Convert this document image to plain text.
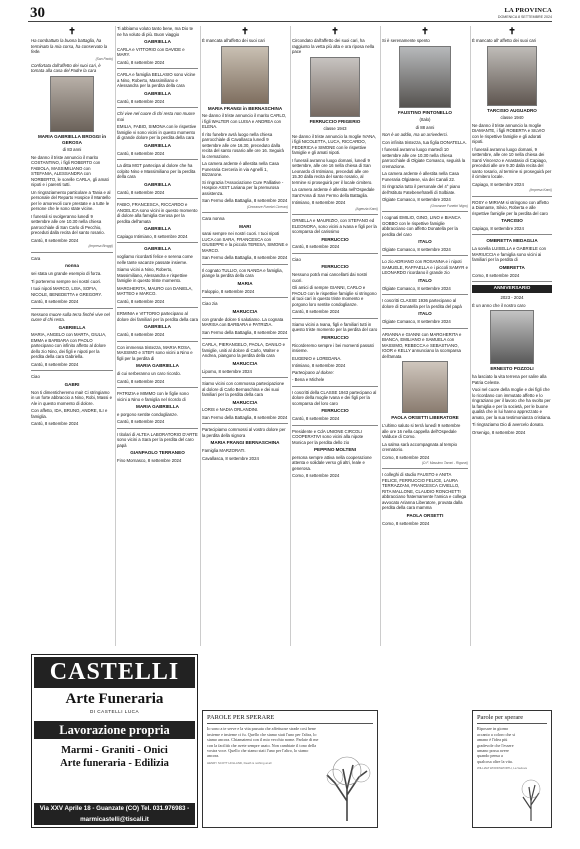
30	LA PROVINCA
DOMENICA 8 SETTEMBRE 2024
✝

Ha combattuto la buona battaglia, ha terminato la mia corsa, ha conservato la fede.

(San Paolo)

Confortata dall'affetto dei suoi cari, è tornata alla casa del Padre la cara

MARIA GABRIELLA BROGGI in GEROSA

di 83 anni

Ne danno il triste annuncio il marito COSTANTINO, i figli ROBERTO con FABIOLA, MASSIMILIANO con STEFANIA, ALESSANDRA con NORBERTO, le sorelle CARLA, gli amati nipoti e i parenti tutti.

Un ringraziamento particolare a Tania e al personale del Reparto Hospice il Mantello per le amorevoli cure prestate e a tutte le persone che le sono state vicine.

I funerali si svolgeranno lunedì 9 settembre alle ore 10.30 nella chiesa parrocchiale di San Carlo di Pecchio, preceduti dalla recita del santo rosario.

Cantù, 8 settembre 2024

(Impresa Broggi)

Cara

nonna

sei stata un grande esempio di forza.

Ti porteremo sempre nei nostri cuori.

I tuoi nipoti MARCO, LISA, SOFIA, NICOLE, BENEDETTA e GREGORY.

Cantù, 8 settembre 2024

Nessuno muore sulla terra finché vive nel cuore di chi resta.

GABRIELLA

MARIA, ANGELO con MARTA, GIULIA, EMMA e BARBARA con PAOLO partecipano con infinito affetto al dolore dello zio Nino, dei figli e nipoti per la perdita della cara Gabriella.

Cantù, 8 settembre 2024

Ciao

GABRI

Non ti dimenticheremo mai! Ci stringiamo in un forte abbraccio a Nino, Robi, Massi e Ale in questo momento di dolore.

Con affetto, IDA, BRUNO, ANDRE, ILI e famiglia.

Cantù, 8 settembre 2024

Ti abbiamo voluto tanto bene, ma Dio te ne ha voluto di più. Buon viaggio

GABRIELLA

CARLA e VITTORIO con DAVIDE e MARY.

Cantù, 8 settembre 2024

CARLA e famiglia BELLASIO sono vicine a Nino, Roberto, Massimiliano e Alessandra per la perdita della cara

GABRIELLA

Cantù, 8 settembre 2024

Chi vive nel cuore di chi resta non muore mai

EMILIA, FABIO, SIMONA con le rispettive famiglie vi sono vicini in questo momento di grande dolore per la perdita della cara

GABRIELLA

Cantù, 8 settembre 2024

La ditta MGT partecipa al dolore che ha colpito Nino e Massimiliano per la perdita della cara

GABRIELLA

Cantù, 8 settembre 2024

FABIO, FRANCESCA, RICCARDO e ANGELICA sono vicini in questo momento di dolore alla famiglia Gerosa per la perdita dell'amata

GABRIELLA

Capiago Intimiano, 8 settembre 2024

GABRIELLA

vogliamo ricordarti felice e serena come nelle tante vacanze passate insieme.

Siamo vicini a Nino, Roberto, Massimiliano, Alessandra e rispettive famiglie in questo triste momento.

MARGHERITA, MAURO con DANIELA, MATTEO e MARCO.

Cantù, 8 settembre 2024

ERMINIA e VITTORIO partecipano al dolore dei familiari per la perdita della cara

GABRIELLA

Cantù, 8 settembre 2024

Con immensa tristezza, MARIA ROSA, MASSIMO e STEFI sono vicini a Nino e figli per la perdita di

MARIA GABRIELLA

di cui serberanno un caro ricordo.

Cantù, 8 settembre 2024

PATRIZIA e MIMMO con le figlie sono vicini a Nino e famiglia nel ricordo di

MARIA GABRIELLA

e porgono sentite condoglianze.

Cantù, 8 settembre 2024

I titolari di ALTEA LABORATORIO D'ARTE sono vicini a Sara per la perdita del caro papà

GIANPAOLO TERRANEO

Fino Mornasco, 8 settembre 2024

✝

È mancata all'affetto dei suoi cari

MARIA FRANGI in BERNASCHINA

Ne danno il triste annuncio il marito CARLO, i figli WALTER con LUISA e ANDREA con ELENA.

Il rito funebre avrà luogo nella chiesa parrocchiale di Cavallasca lunedì 9 settembre alle ore 16.30, preceduto dalla recita del santo rosario alle ore 16. Seguirà la cremazione.

La camera ardente è allestita nella Casa Funeraria Cerceria in via Agnelli 1, Bizzarone.

Si ringrazia l'Associazione Cure Palliative - Hospice ASST Lariana per la premurosa assistenza.

San Fermo della Battaglia, 8 settembre 2024

(Onoranze Funebri Ciceran)

Cara nonna

MARI

sarai sempre nei nostri cuori. I tuoi nipoti LUCA con SARA, FRANCESCA con GIUSEPPE e la piccola TERESA, SIMONE e MARCO.

San Fermo della Battaglia, 8 settembre 2024

Il cognato TULLIO, con NANDA e famiglia, piange la perdita della cara

MARIA

Faloppio, 8 settembre 2024

Ciao zia

MARUCCIA

con grande dolore ti salutiamo. La cognata MARISA con BARBARA e PATRIZIA.

San Fermo della Battaglia, 8 settembre 2024

CARLA, PIERANGELO, PAOLA, DANILO e famiglie, uniti al dolore di Carlo, Walter e Andrea, piangono la perdita della cara

MARUCCIA

Lipomo, 8 settembre 2024

Siamo vicini con commossa partecipazione al dolore di Carlo Bernaschina e dei suoi familiari per la perdita della cara

MARUCCIA

LORIS e NADIA ORLANDINI.

San Fermo della Battaglia, 8 settembre 2024

Partecipiamo commossi al vostro dolore per la perdita della signora

MARIA FRANGI BERNASCHINA

Famiglia MARZORATI.

Cavallasca, 8 settembre 2024

✝

Circondato dall'affetto dei suoi cari, ha raggiunto la vetta più alta e ora riposa nella pace

FERRUCCIO FRIGERIO

classe 1943

Ne danno il triste annuncio la moglie IVANA, i figli NICOLETTA, LUCA, RICCARDO, FEDERICA e SIMONE con le rispettive famiglie e gli amati nipoti.

I funerali avranno luogo domani, lunedì 9 settembre, alle ore 16 nella chiesa di San Leonardo di Intimiano, preceduti alle ore 15.30 dalla recita del santo rosario, al termine si proseguirà per il locale cimitero.

La camera ardente è allestita nell'Ospedale Sant'Anna di San Fermo della Battaglia.

Intimiano, 8 settembre 2024

(Agenzia Kami)

ORNELLA e MAURIZIO, con STEFANO ed ELEONORA, sono vicini a Ivana e figli per la scomparsa del carissimo

FERRUCCIO

Cantù, 8 settembre 2024

Ciao

FERRUCCIO

Nessuno potrà mai cancellarti dai nostri cuori.

Gli amici di sempre GIANNI, CARLO e PAOLO con le rispettive famiglie si stringono al tuoi cari in questo triste momento e porgono loro sentite condoglianze.

Cantù, 8 settembre 2024

Siamo vicini a Ivana, figli e familiari tutti in questo triste momento per la perdita del caro

FERRUCCIO

Ricorderemo sempre i bei momenti passati insieme.

EUGENIO e LOREDANA.

Intimiano, 8 settembre 2024

Partecipano al dolore:

- Bena e Michele

I coscritti della CLASSE 1943 partecipano al dolore della moglie Ivana e dei figli per la scomparsa del loro caro

FERRUCCIO

Cantù, 8 settembre 2024

Presidente e CdA UNIONE CIRCOLI COOPERATIVI sono vicini alla nipote Monica per la perdita dello zio

PEPPINO MOLTENI

persona sempre attiva nella cooperazione attenta e solidale verso gli altri, leale e generosa.

Como, 8 settembre 2024

✝

Si è serenamente spento

FAUSTINO PINTONELLO

(Italo)

di 88 anni

Non è un addio, ma un arrivederci.

Con infinita tristezza, tua figlia DONATELLA.

I funerali avranno luogo martedì 10 settembre alle ore 10.30 nella chiesa parrocchiale di Olgiate Comasco, seguirà la cremazione.

La camera ardente è allestita nella Casa Funeraria Olgiatese, via dei Canali 22.

Si ringrazia tutto il personale del 4° piano dell'Istituto Fatebenefratelli di Solbiate.

Olgiate Comasco, 8 settembre 2024

(Onoranze Funebri Nigro)

I cognati EMILIO, GINO, LINO e BIANCA GOBBO con le rispettive famiglie abbracciano con affetto Donatella per la perdita del caro

ITALO

Olgiate Comasco, 8 settembre 2024

Lo zio ADRIANO con ROSANNA e i nipoti SAMUELE, RAFFAELLA e i piccoli SAMYR e LEONARDO ricordano il grande zio

ITALO

Olgiate Comasco, 8 settembre 2024

I coscritti CLASSE 1936 partecipano al dolore di Donatella per la perdita del papà

ITALO

Olgiate Comasco, 8 settembre 2024

ARIANNA e GIANNI con MARGHERITA e BIANCA, EMILIANO e SAMUELA con MASSIMO, REBECCA e SEBASTIANO, IGOR e KELLY annunciano la scomparsa dell'amata

PAOLA ORSETTI LIBERATORE

L'ultimo saluto si terrà lunedì 9 settembre alle ore 16 nella cappella dell'Ospedale Valduce di Como.

La salma sarà accompagnata al tempio crematorio.

Como, 8 settembre 2024

(O.F. Massimo Taroni - Rigonzi)

I colleghi di studio FAUSTO e ANITA FELICE, FERRUCCIO FELICE, LAURA TERRAZZANI, FRANCESCA CIVIELLO, RITA MALLONE, CLAUDIO RONCHETTI abbracciano fraternamente l'amica e collega avvocato Arianna Liberatore, provata dalla perdita della cara mamma

PAOLA ORSETTI

Como, 8 settembre 2024

✝

È mancato all' affetto dei suoi cari

TARCISIO AUGUADRO

classe 1940

Ne danno il triste annuncio la moglie DIAMANTE, i figli ROBERTA e SILVIO con le rispettive famiglie e gli adorati nipoti.

I funerali avranno luogo domani, 9 settembre, alle ore 10 nella chiesa dei Santi Vincenzo e Anastasio di Capiago, preceduti alle ore 9.30 dalla recita del santo rosario, al termine si proseguirà per il cimitero locale.

Capiago, 8 settembre 2024

(Impresa Kami)

ROSY e MIRIAM si stringono con affetto a Diamante, Silvio, Roberta e alle rispettive famiglie per la perdita del caro

TARCISIO

Capiago, 8 settembre 2024

OMBRETTA MEDAGLIA

La sorella LUISELLA e GABRIELE con MARIUCCIA e famiglia sono vicini ai familiari per la perdita di

OMBRETTA

Como, 8 settembre 2024

ANNIVERSARIO

2023 - 2024

È un anno che il nostro caro

ERNESTO POZZOLI

ha lasciato la vita terrena per salire alla Patria Celeste.

Vuoi nel cuore della moglie e dei figli che lo ricordano con immutato affetto e lo ringraziano per il lavoro che ha svolto per la famiglia e per la società, per le buone qualità che in lui hanno apprezzato e amato, per la sua testimonianza cristiana.

Ti ringraziamo Dio di avercelo donato.

Orsenigo, 8 settembre 2024

CASTELLI
Arte Funeraria
DI CASTELLI LUCA
Lavorazione propria
Marmi - Graniti - Onici
Arte funeraria - Edilizia
Via XXV Aprile 18 - Guanzate (CO) Tel. 031.976983 - marmicastelli@tiscali.it
PAROLE PER SPERARE

Io sono a te serve e la vita passata che affettuose strade così bene insieme e insieme ci fu. Quello che siamo stati l'uno per l'altra, lo siamo ancora. Chiamatemi con il mio vecchio nome. Parlate di me con la facilità che avete sempre usato. Non cambiate il tono della vostra voce. Quello che siamo stati l'uno per l'altro, lo siamo ancora.

HENRY SCOTT HOLLAND, Death is nothing at all
Parole per sperare

Riposare in giorno accanto a coloro che si amano è l'idea più gradevole che l'essere umano possa avere quando pensa a qualcosa oltre la vita.

WILLIAM WORDSWORTH, La Vedova
